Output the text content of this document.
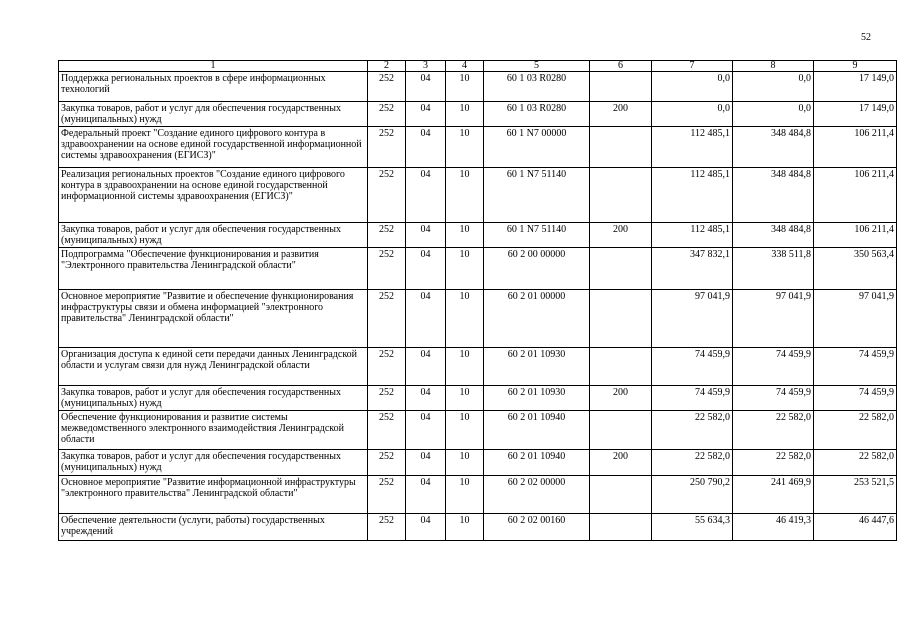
52
1	2	3	4	5	6	7	8	9
Поддержка региональных проектов в сфере информационных технологий	252	04	10	60 1 03 R0280		0,0	0,0	17 149,0
Закупка товаров, работ и услуг для обеспечения государственных (муниципальных) нужд	252	04	10	60 1 03 R0280	200	0,0	0,0	17 149,0
Федеральный проект "Создание единого цифрового контура в здравоохранении на основе единой государственной информационной системы здравоохранения (ЕГИСЗ)"	252	04	10	60 1 N7 00000		112 485,1	348 484,8	106 211,4
Реализация региональных проектов "Создание единого цифрового контура в здравоохранении на основе единой государственной информационной системы здравоохранения (ЕГИСЗ)"	252	04	10	60 1 N7 51140		112 485,1	348 484,8	106 211,4
Закупка товаров, работ и услуг для обеспечения государственных (муниципальных) нужд	252	04	10	60 1 N7 51140	200	112 485,1	348 484,8	106 211,4
Подпрограмма "Обеспечение функционирования и развития "Электронного правительства Ленинградской области"	252	04	10	60 2 00 00000		347 832,1	338 511,8	350 563,4
Основное мероприятие "Развитие и обеспечение функционирования инфраструктуры связи и обмена информацией "электронного правительства" Ленинградской области"	252	04	10	60 2 01 00000		97 041,9	97 041,9	97 041,9
Организация доступа к единой сети передачи данных Ленинградской области и услугам связи для нужд Ленинградской области	252	04	10	60 2 01 10930		74 459,9	74 459,9	74 459,9
Закупка товаров, работ и услуг для обеспечения государственных (муниципальных) нужд	252	04	10	60 2 01 10930	200	74 459,9	74 459,9	74 459,9
Обеспечение функционирования и развитие системы межведомственного электронного взаимодействия Ленинградской области	252	04	10	60 2 01 10940		22 582,0	22 582,0	22 582,0
Закупка товаров, работ и услуг для обеспечения государственных (муниципальных) нужд	252	04	10	60 2 01 10940	200	22 582,0	22 582,0	22 582,0
Основное мероприятие "Развитие информационной инфраструктуры "электронного правительства" Ленинградской области"	252	04	10	60 2 02 00000		250 790,2	241 469,9	253 521,5
Обеспечение деятельности (услуги, работы) государственных учреждений	252	04	10	60 2 02 00160		55 634,3	46 419,3	46 447,6
